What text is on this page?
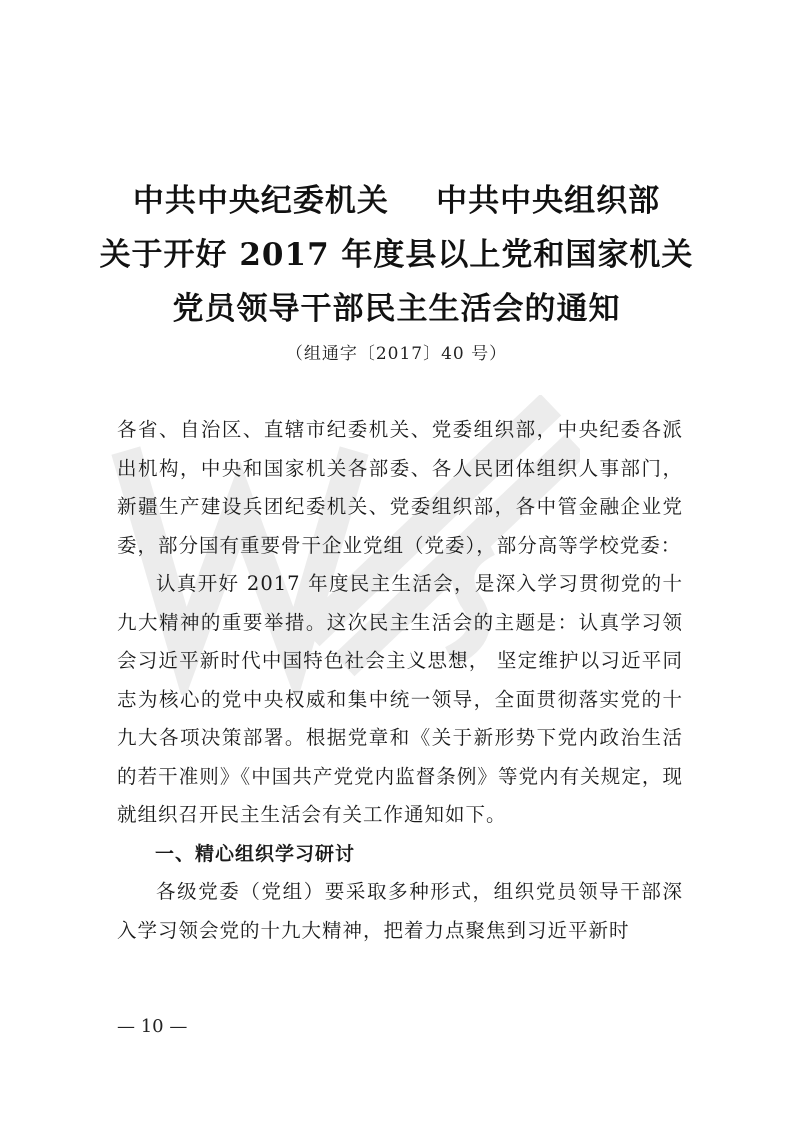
中共中央纪委机关    中共中央组织部
关于开好 2017 年度县以上党和国家机关
党员领导干部民主生活会的通知
（组通字〔2017〕40 号）

各省、自治区、直辖市纪委机关、党委组织部，中央纪委各派出机构，中央和国家机关各部委、各人民团体组织人事部门，新疆生产建设兵团纪委机关、党委组织部，各中管金融企业党委，部分国有重要骨干企业党组（党委），部分高等学校党委：

认真开好 2017 年度民主生活会，是深入学习贯彻党的十九大精神的重要举措。这次民主生活会的主题是：认真学习领会习近平新时代中国特色社会主义思想， 坚定维护以习近平同志为核心的党中央权威和集中统一领导，全面贯彻落实党的十九大各项决策部署。根据党章和《关于新形势下党内政治生活的若干准则》《中国共产党党内监督条例》等党内有关规定，现就组织召开民主生活会有关工作通知如下。

一、精心组织学习研讨

各级党委（党组）要采取多种形式，组织党员领导干部深入学习领会党的十九大精神，把着力点聚焦到习近平新时

— 10 —
